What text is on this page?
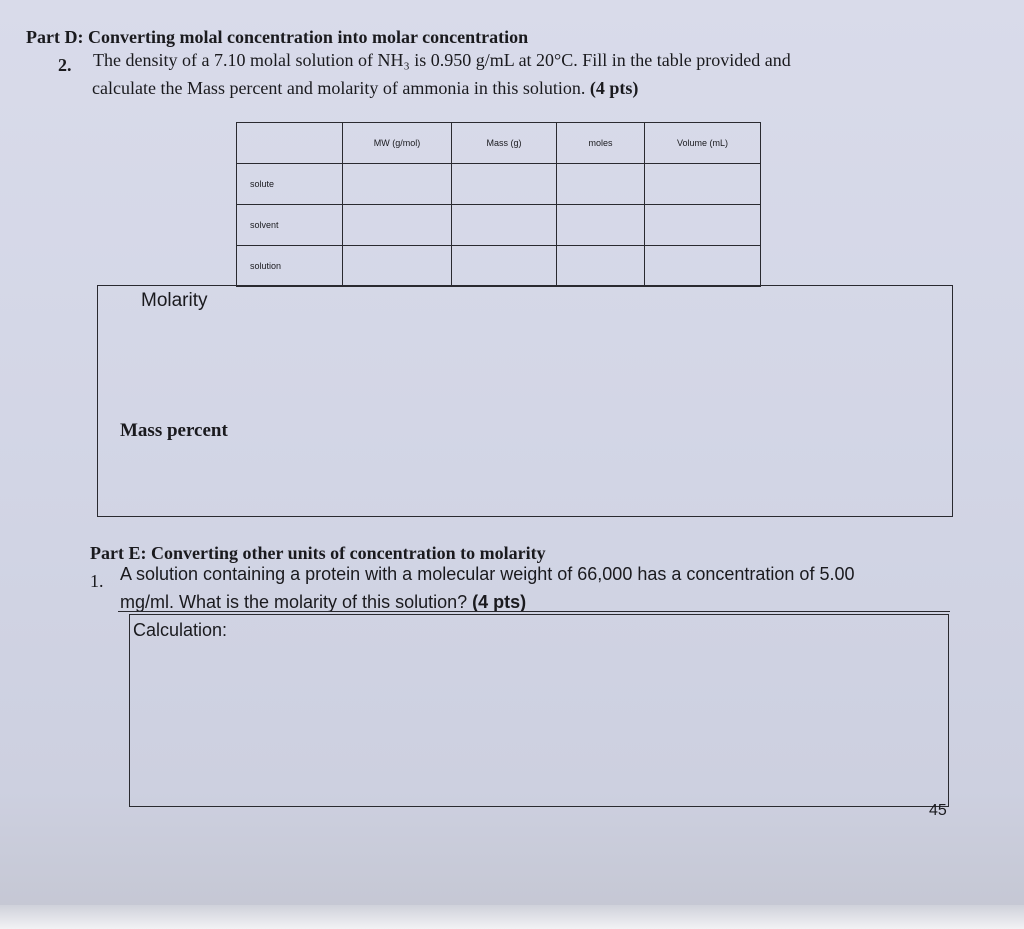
Part D: Converting molal concentration into molar concentration

2. The density of a 7.10 molal solution of NH₃ is 0.950 g/mL at 20°C. Fill in the table provided and

calculate the Mass percent and molarity of ammonia in this solution. (4 pts)

	MW (g/mol)	Mass (g)	moles	Volume (mL)
solute				
solvent				
solution				

Molarity

Mass percent

Part E: Converting other units of concentration to molarity

1. A solution containing a protein with a molecular weight of 66,000 has a concentration of 5.00

mg/ml. What is the molarity of this solution? (4 pts)

Calculation:

45
